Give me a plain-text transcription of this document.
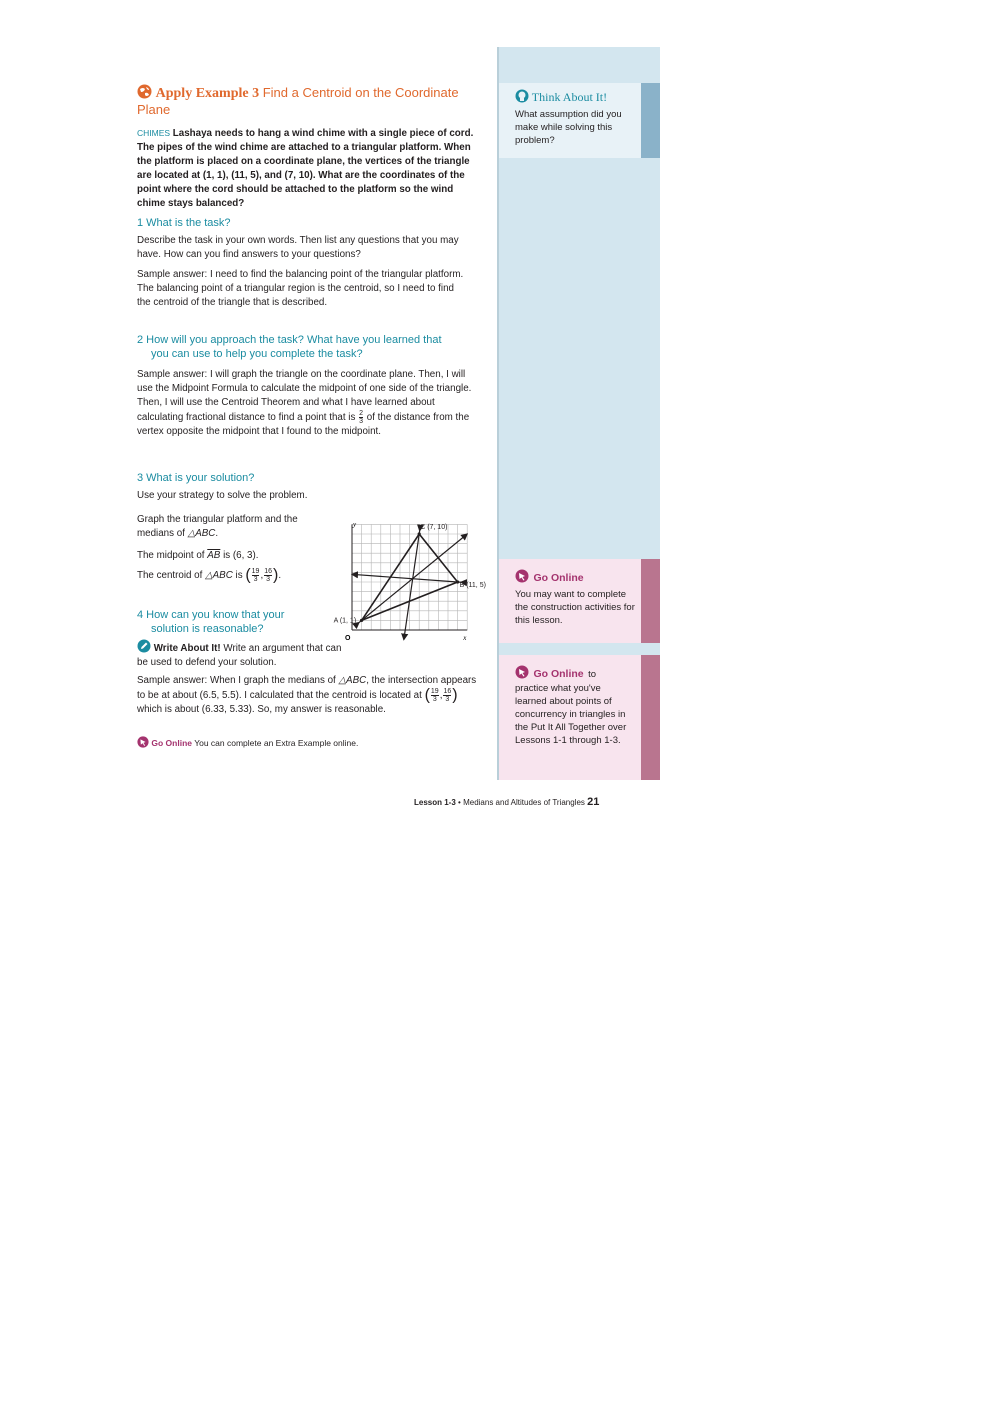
Think About It!
What assumption did you make while solving this problem?
Go Online
You may want to complete the construction activities for this lesson.
Go Online to
practice what you've learned about points of concurrency in triangles in the Put It All Together over Lessons 1-1 through 1-3.
Apply Example 3 Find a Centroid on the Coordinate Plane
CHIMES Lashaya needs to hang a wind chime with a single piece of cord. The pipes of the wind chime are attached to a triangular platform. When the platform is placed on a coordinate plane, the vertices of the triangle are located at (1, 1), (11, 5), and (7, 10). What are the coordinates of the point where the cord should be attached to the platform so the wind chime stays balanced?
1 What is the task?
Describe the task in your own words. Then list any questions that you may have. How can you find answers to your questions?
Sample answer: I need to find the balancing point of the triangular platform. The balancing point of a triangular region is the centroid, so I need to find the centroid of the triangle that is described.
2 How will you approach the task? What have you learned that
you can use to help you complete the task?
Sample answer: I will graph the triangle on the coordinate plane. Then, I will use the Midpoint Formula to calculate the midpoint of one side of the triangle. Then, I will use the Centroid Theorem and what I have learned about calculating fractional distance to find a point that is $\frac{2}{3}$ of the distance from the vertex opposite the midpoint that I found to the midpoint.
3 What is your solution?
Use your strategy to solve the problem.
Graph the triangular platform and the medians of △ABC.
The midpoint of $\overline{AB}$ is (6, 3).
The centroid of △ABC is ( $\frac{19}{3}$ , $\frac{16}{3}$ ).
A (1, 1)
B (11, 5)
C (7, 10)
O	x
y
4 How can you know that your
solution is reasonable?
Write About It! Write an argument that can be used to defend your solution.
Sample answer: When I graph the medians of △ABC, the intersection appears to be at about (6.5, 5.5). I calculated that the centroid is located at ( $\frac{19}{3}$ , $\frac{16}{3}$ ) which is about (6.33, 5.33). So, my answer is reasonable.
Go Online You can complete an Extra Example online.
Lesson 1-3 • Medians and Altitudes of Triangles 21
